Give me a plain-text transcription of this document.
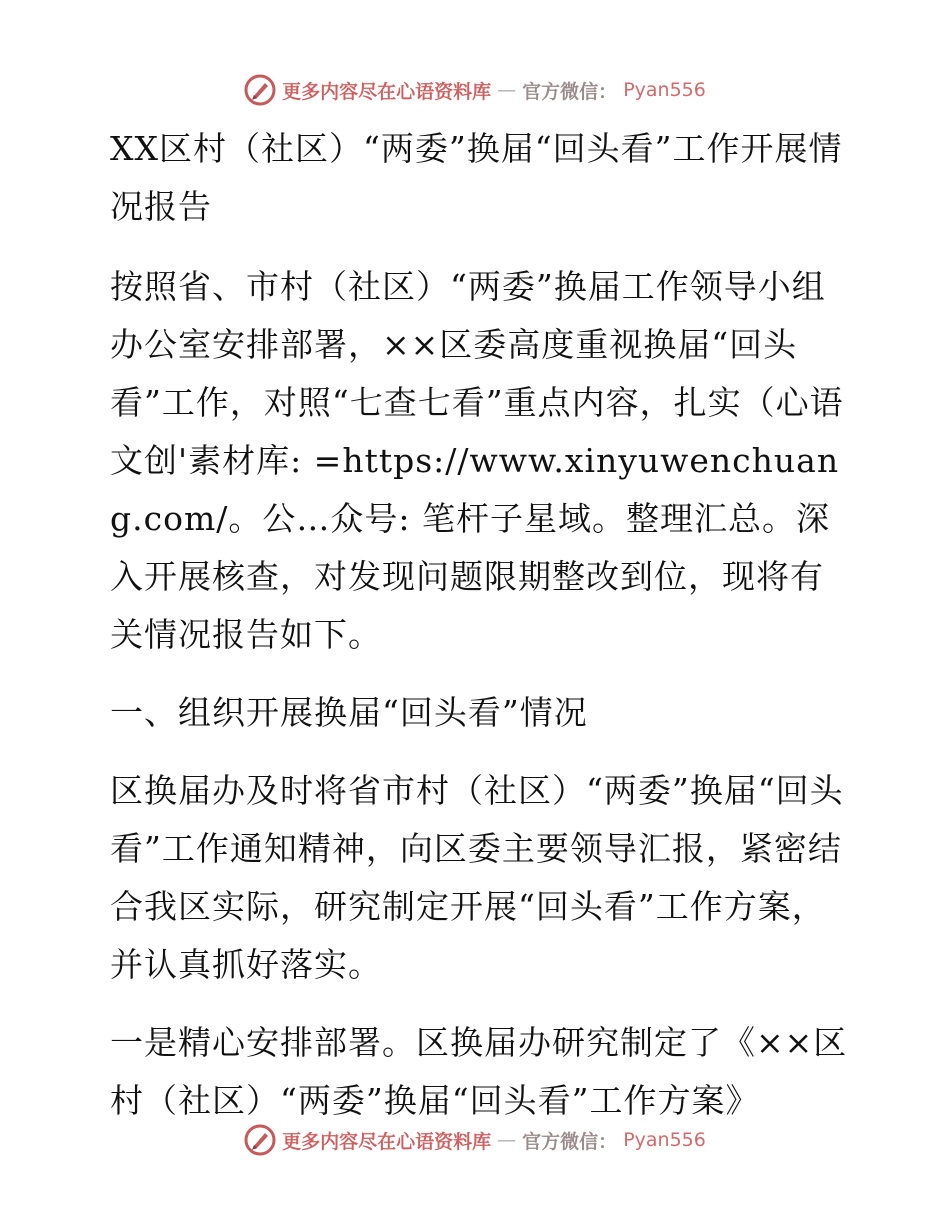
更多内容尽在心语资料库 — 官方微信： Pyan556

XX区村（社区）“两委”换届“回头看”工作开展情况报告

按照省、市村（社区）“两委”换届工作领导小组办公室安排部署，××区委高度重视换届“回头看”工作，对照“七查七看”重点内容，扎实（心语文创'素材库: =https://www.xinyuwenchuang.com/。公…众号: 笔杆子星域。整理汇总。深入开展核查，对发现问题限期整改到位，现将有关情况报告如下。

一、组织开展换届“回头看”情况

区换届办及时将省市村（社区）“两委”换届“回头看”工作通知精神，向区委主要领导汇报，紧密结合我区实际，研究制定开展“回头看”工作方案，并认真抓好落实。

一是精心安排部署。区换届办研究制定了《××区村（社区）“两委”换届“回头看”工作方案》

更多内容尽在心语资料库 — 官方微信： Pyan556
